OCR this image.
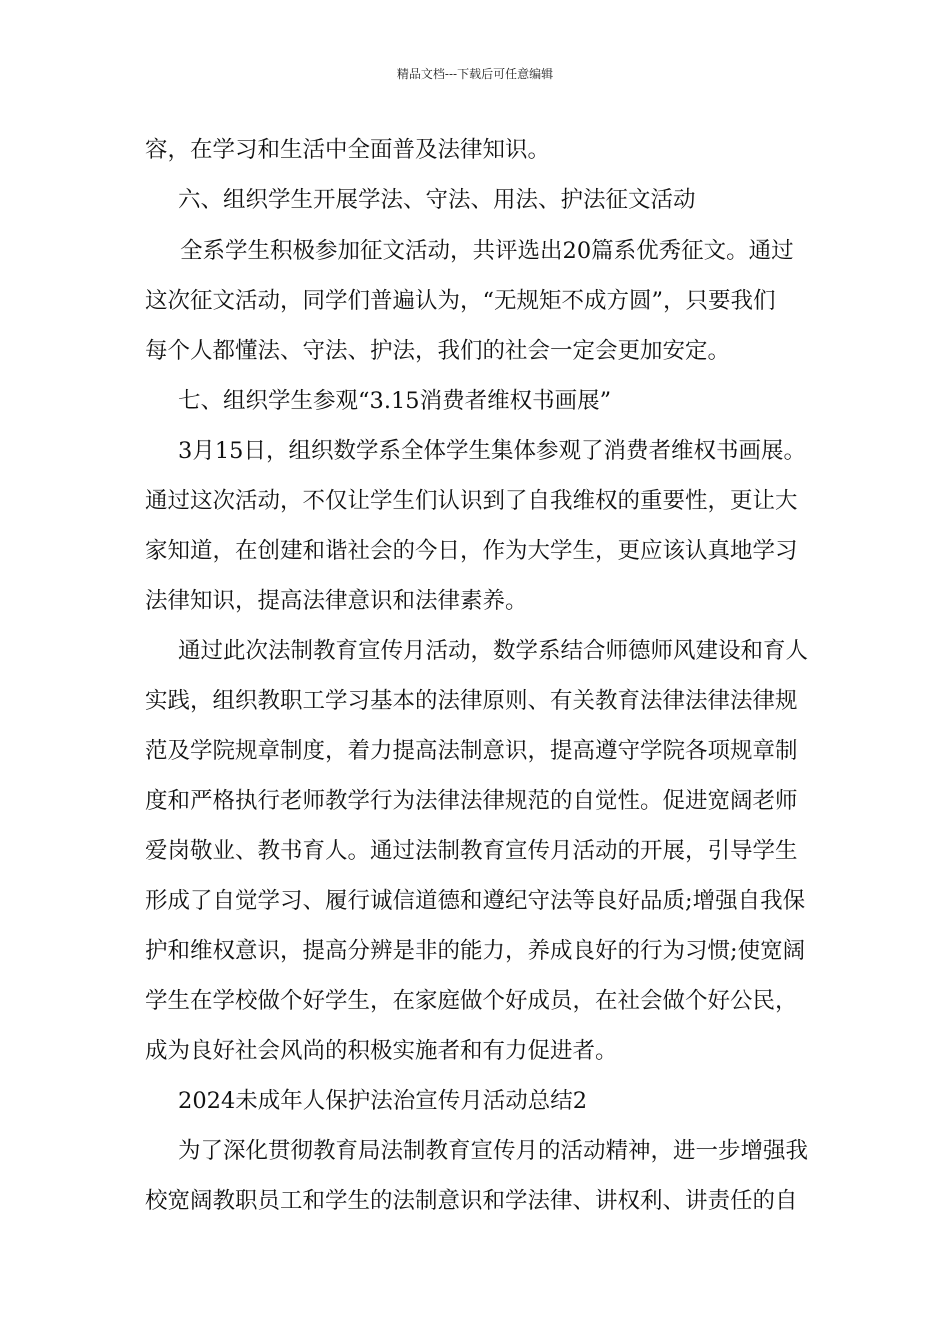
精品文档---下载后可任意编辑
容，在学习和生活中全面普及法律知识。
六、组织学生开展学法、守法、用法、护法征文活动
全系学生积极参加征文活动，共评选出20篇系优秀征文。通过
这次征文活动，同学们普遍认为，“无规矩不成方圆”，只要我们
每个人都懂法、守法、护法，我们的社会一定会更加安定。
七、组织学生参观“3.15消费者维权书画展”
3月15日，组织数学系全体学生集体参观了消费者维权书画展。
通过这次活动，不仅让学生们认识到了自我维权的重要性，更让大
家知道，在创建和谐社会的今日，作为大学生，更应该认真地学习
法律知识，提高法律意识和法律素养。
通过此次法制教育宣传月活动，数学系结合师德师风建设和育人
实践，组织教职工学习基本的法律原则、有关教育法律法律法律规
范及学院规章制度，着力提高法制意识，提高遵守学院各项规章制
度和严格执行老师教学行为法律法律规范的自觉性。促进宽阔老师
爱岗敬业、教书育人。通过法制教育宣传月活动的开展，引导学生
形成了自觉学习、履行诚信道德和遵纪守法等良好品质;增强自我保
护和维权意识，提高分辨是非的能力，养成良好的行为习惯;使宽阔
学生在学校做个好学生，在家庭做个好成员，在社会做个好公民，
成为良好社会风尚的积极实施者和有力促进者。
2024未成年人保护法治宣传月活动总结2
为了深化贯彻教育局法制教育宣传月的活动精神，进一步增强我
校宽阔教职员工和学生的法制意识和学法律、讲权利、讲责任的自
